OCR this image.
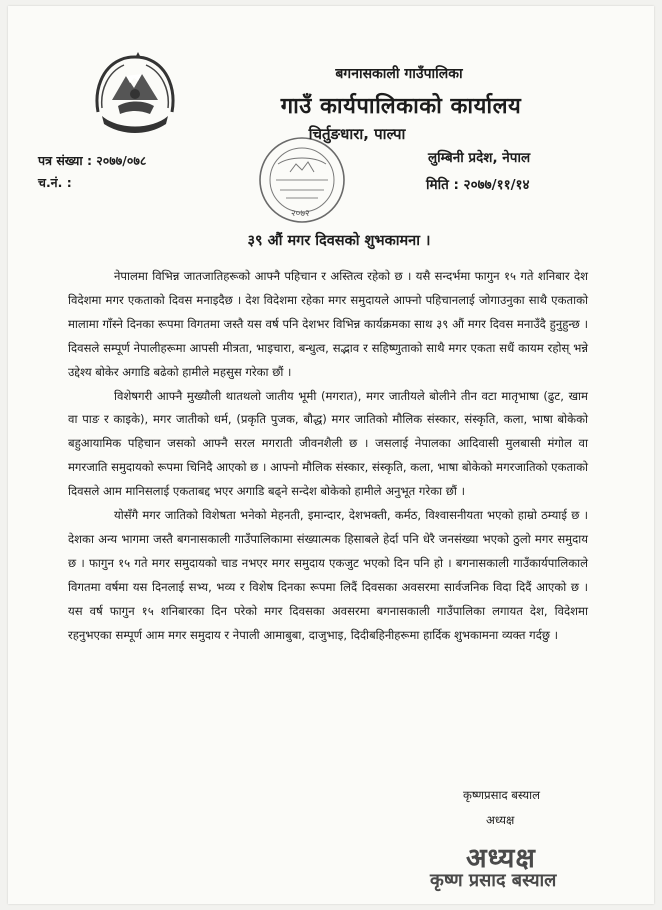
बगनासकाली गाउँपालिका
गाउँ कार्यपालिकाको कार्यालय
चिर्तुङधारा, पाल्पा
२०७२
पत्र संख्या : २०७७/०७८
च.नं. :
लुम्बिनी प्रदेश, नेपाल
मिति : २०७७/११/१४
३९ औं मगर दिवसको शुभकामना ।

नेपालमा विभिन्न जातजातिहरूको आफ्नै पहिचान र अस्तित्व रहेको छ । यसै सन्दर्भमा फागुन १५ गते शनिबार देश विदेशमा मगर एकताको दिवस मनाइदैछ । देश विदेशमा रहेका मगर समुदायले आफ्नो पहिचानलाई जोगाउनुका साथै एकताको मालामा गाँस्ने दिनका रूपमा विगतमा जस्तै यस वर्ष पनि देशभर विभिन्न कार्यक्रमका साथ ३९ औं मगर दिवस मनाउँदै हुनुहुन्छ । दिवसले सम्पूर्ण नेपालीहरूमा आपसी मीत्रता, भाइचारा, बन्धुत्व, सद्भाव र सहिष्णुताको साथै मगर एकता सधैं कायम रहोस् भन्ने उद्देश्य बोकेर अगाडि बढेको हामीले महसुस गरेका छौं ।

विशेषगरी आफ्नै मुख्यौली थातथलो जातीय भूमी (मगरात), मगर जातीयले बोलीने तीन वटा मातृभाषा (ढुट, खाम वा पाङ र काइके), मगर जातीको धर्म, (प्रकृति पुजक, बौद्ध) मगर जातिको मौलिक संस्कार, संस्कृति, कला, भाषा बोकेको बहुआयामिक पहिचान जसको आफ्नै सरल मगराती जीवनशैली छ । जसलाई नेपालका आदिवासी मुलबासी मंगोल वा मगरजाति समुदायको रूपमा चिनिदै आएको छ । आफ्नो मौलिक संस्कार, संस्कृति, कला, भाषा बोकेको मगरजातिको एकताको दिवसले आम मानिसलाई एकताबद्द भएर अगाडि बढ्ने सन्देश बोकेको हामीले अनुभूत गरेका छौं ।

योसँगै मगर जातिको विशेषता भनेको मेहनती, इमान्दार, देशभक्ती, कर्मठ, विश्वासनीयता भएको हाम्रो ठम्याई छ । देशका अन्य भागमा जस्तै बगनासकाली गाउँपालिकामा संख्यात्मक हिसाबले हेर्दा पनि धेरै जनसंख्या भएको ठुलो मगर समुदाय छ । फागुन १५ गते मगर समुदायको चाड नभएर मगर समुदाय एकजुट भएको दिन पनि हो । बगनासकाली गाउँकार्यपालिकाले विगतमा वर्षमा यस दिनलाई सभ्य, भव्य र विशेष दिनका रूपमा लिदैं दिवसका अवसरमा सार्वजनिक विदा दिदैं आएको छ । यस वर्ष फागुन १५ शनिबारका दिन परेको मगर दिवसका अवसरमा बगनासकाली गाउँपालिका लगायत देश, विदेशमा रहनुभएका सम्पूर्ण आम मगर समुदाय र नेपाली आमाबुबा, दाजुभाइ, दिदीबहिनीहरूमा हार्दिक शुभकामना व्यक्त गर्दछु ।

कृष्णप्रसाद बस्याल
अध्यक्ष
अध्यक्ष
कृष्ण प्रसाद बस्याल
